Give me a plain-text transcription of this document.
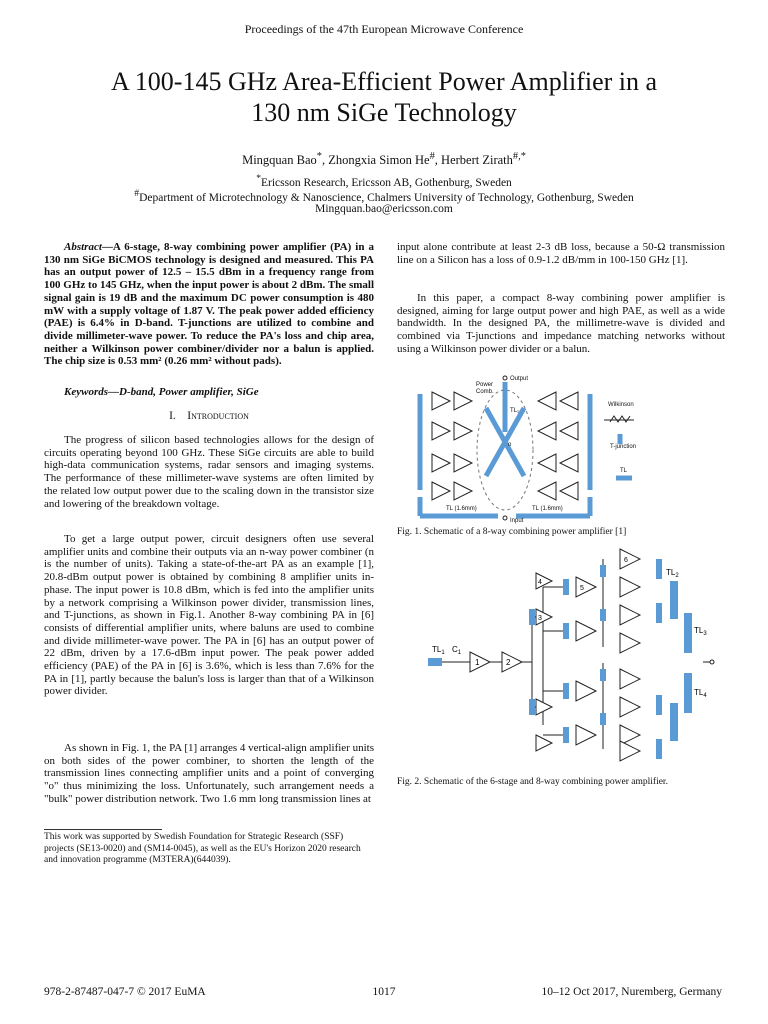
Proceedings of the 47th European Microwave Conference
A 100-145 GHz Area-Efficient Power Amplifier in a
130 nm SiGe Technology
Mingquan Bao*, Zhongxia Simon He#, Herbert Zirath#,*
*Ericsson Research, Ericsson AB, Gothenburg, Sweden
#Department of Microtechnology & Nanoscience, Chalmers University of Technology, Gothenburg, Sweden
Mingquan.bao@ericsson.com

Abstract—A 6-stage, 8-way combining power amplifier (PA) in a 130 nm SiGe BiCMOS technology is designed and measured. This PA has an output power of 12.5 – 15.5 dBm in a frequency range from 100 GHz to 145 GHz, when the input power is about 2 dBm. The small signal gain is 19 dB and the maximum DC power consumption is 480 mW with a supply voltage of 1.87 V. The peak power added efficiency (PAE) is 6.4% in D-band. T-junctions are utilized to combine and divide millimeter-wave power. To reduce the PA's loss and chip area, neither a Wilkinson power combiner/divider nor a balun is applied. The chip size is 0.53 mm² (0.26 mm² without pads).

Keywords—D-band, Power amplifier, SiGe
I. Introduction

The progress of silicon based technologies allows for the design of circuits operating beyond 100 GHz. These SiGe circuits are able to build high-data communication systems, radar sensors and imaging systems. The performance of these millimeter-wave systems are often limited by the related low output power due to the scaling down in the transistor size and lowering of the breakdown voltage.

To get a large output power, circuit designers often use several amplifier units and combine their outputs via an n-way power combiner (n is the number of units). Taking a state-of-the-art PA as an example [1], 20.8-dBm output power is obtained by combining 8 amplifier units in-phase. The input power is 10.8 dBm, which is fed into the amplifier units by a network comprising a Wilkinson power divider, transmission lines, and T-junctions, as shown in Fig.1. Another 8-way combining PA in [6] consists of differential amplifier units, where baluns are used to combine and divide millimeter-wave power. The PA in [6] has an output power of 22 dBm, driven by a 17.6-dBm input power. The peak power added efficiency (PAE) of the PA in [6] is 3.6%, which is less than 7.6% for the PA in [1], partly because the balun's loss is larger than that of a Wilkinson power divider.

As shown in Fig. 1, the PA [1] arranges 4 vertical-align amplifier units on both sides of the power combiner, to shorten the length of the transmission lines connecting amplifier units and a point of converging "o" thus minimizing the loss. Unfortunately, such arrangement needs a "bulk" power distribution network. Two 1.6 mm long transmission lines at

This work was supported by Swedish Foundation for Strategic Research (SSF) projects (SE13-0020) and (SM14-0045), as well as the EU's Horizon 2020 research and innovation programme (M3TERA)(644039).

input alone contribute at least 2-3 dB loss, because a 50-Ω transmission line on a Silicon has a loss of 0.9-1.2 dB/mm in 100-150 GHz [1].

In this paper, a compact 8-way combining power amplifier is designed, aiming for large output power and high PAE, as well as a wide bandwidth. In the designed PA, the millimetre-wave is divided and combined via T-junctions and impedance matching networks without using a Wilkinson power divider or a balun.

Output
Power
Comb.
TL₁
o
Wilkinson
T-junction
TL
TL (1.6mm)	TL (1.6mm)
Input
Fig. 1. Schematic of a 8-way combining power amplifier [1]
$TL_1$ $C_1$
1	2
3
4
5
6
$TL_2$
$TL_3$
$TL_4$
Fig. 2. Schematic of the 6-stage and 8-way combining power amplifier.
978-2-87487-047-7 © 2017 EuMA	1017	10–12 Oct 2017, Nuremberg, Germany
